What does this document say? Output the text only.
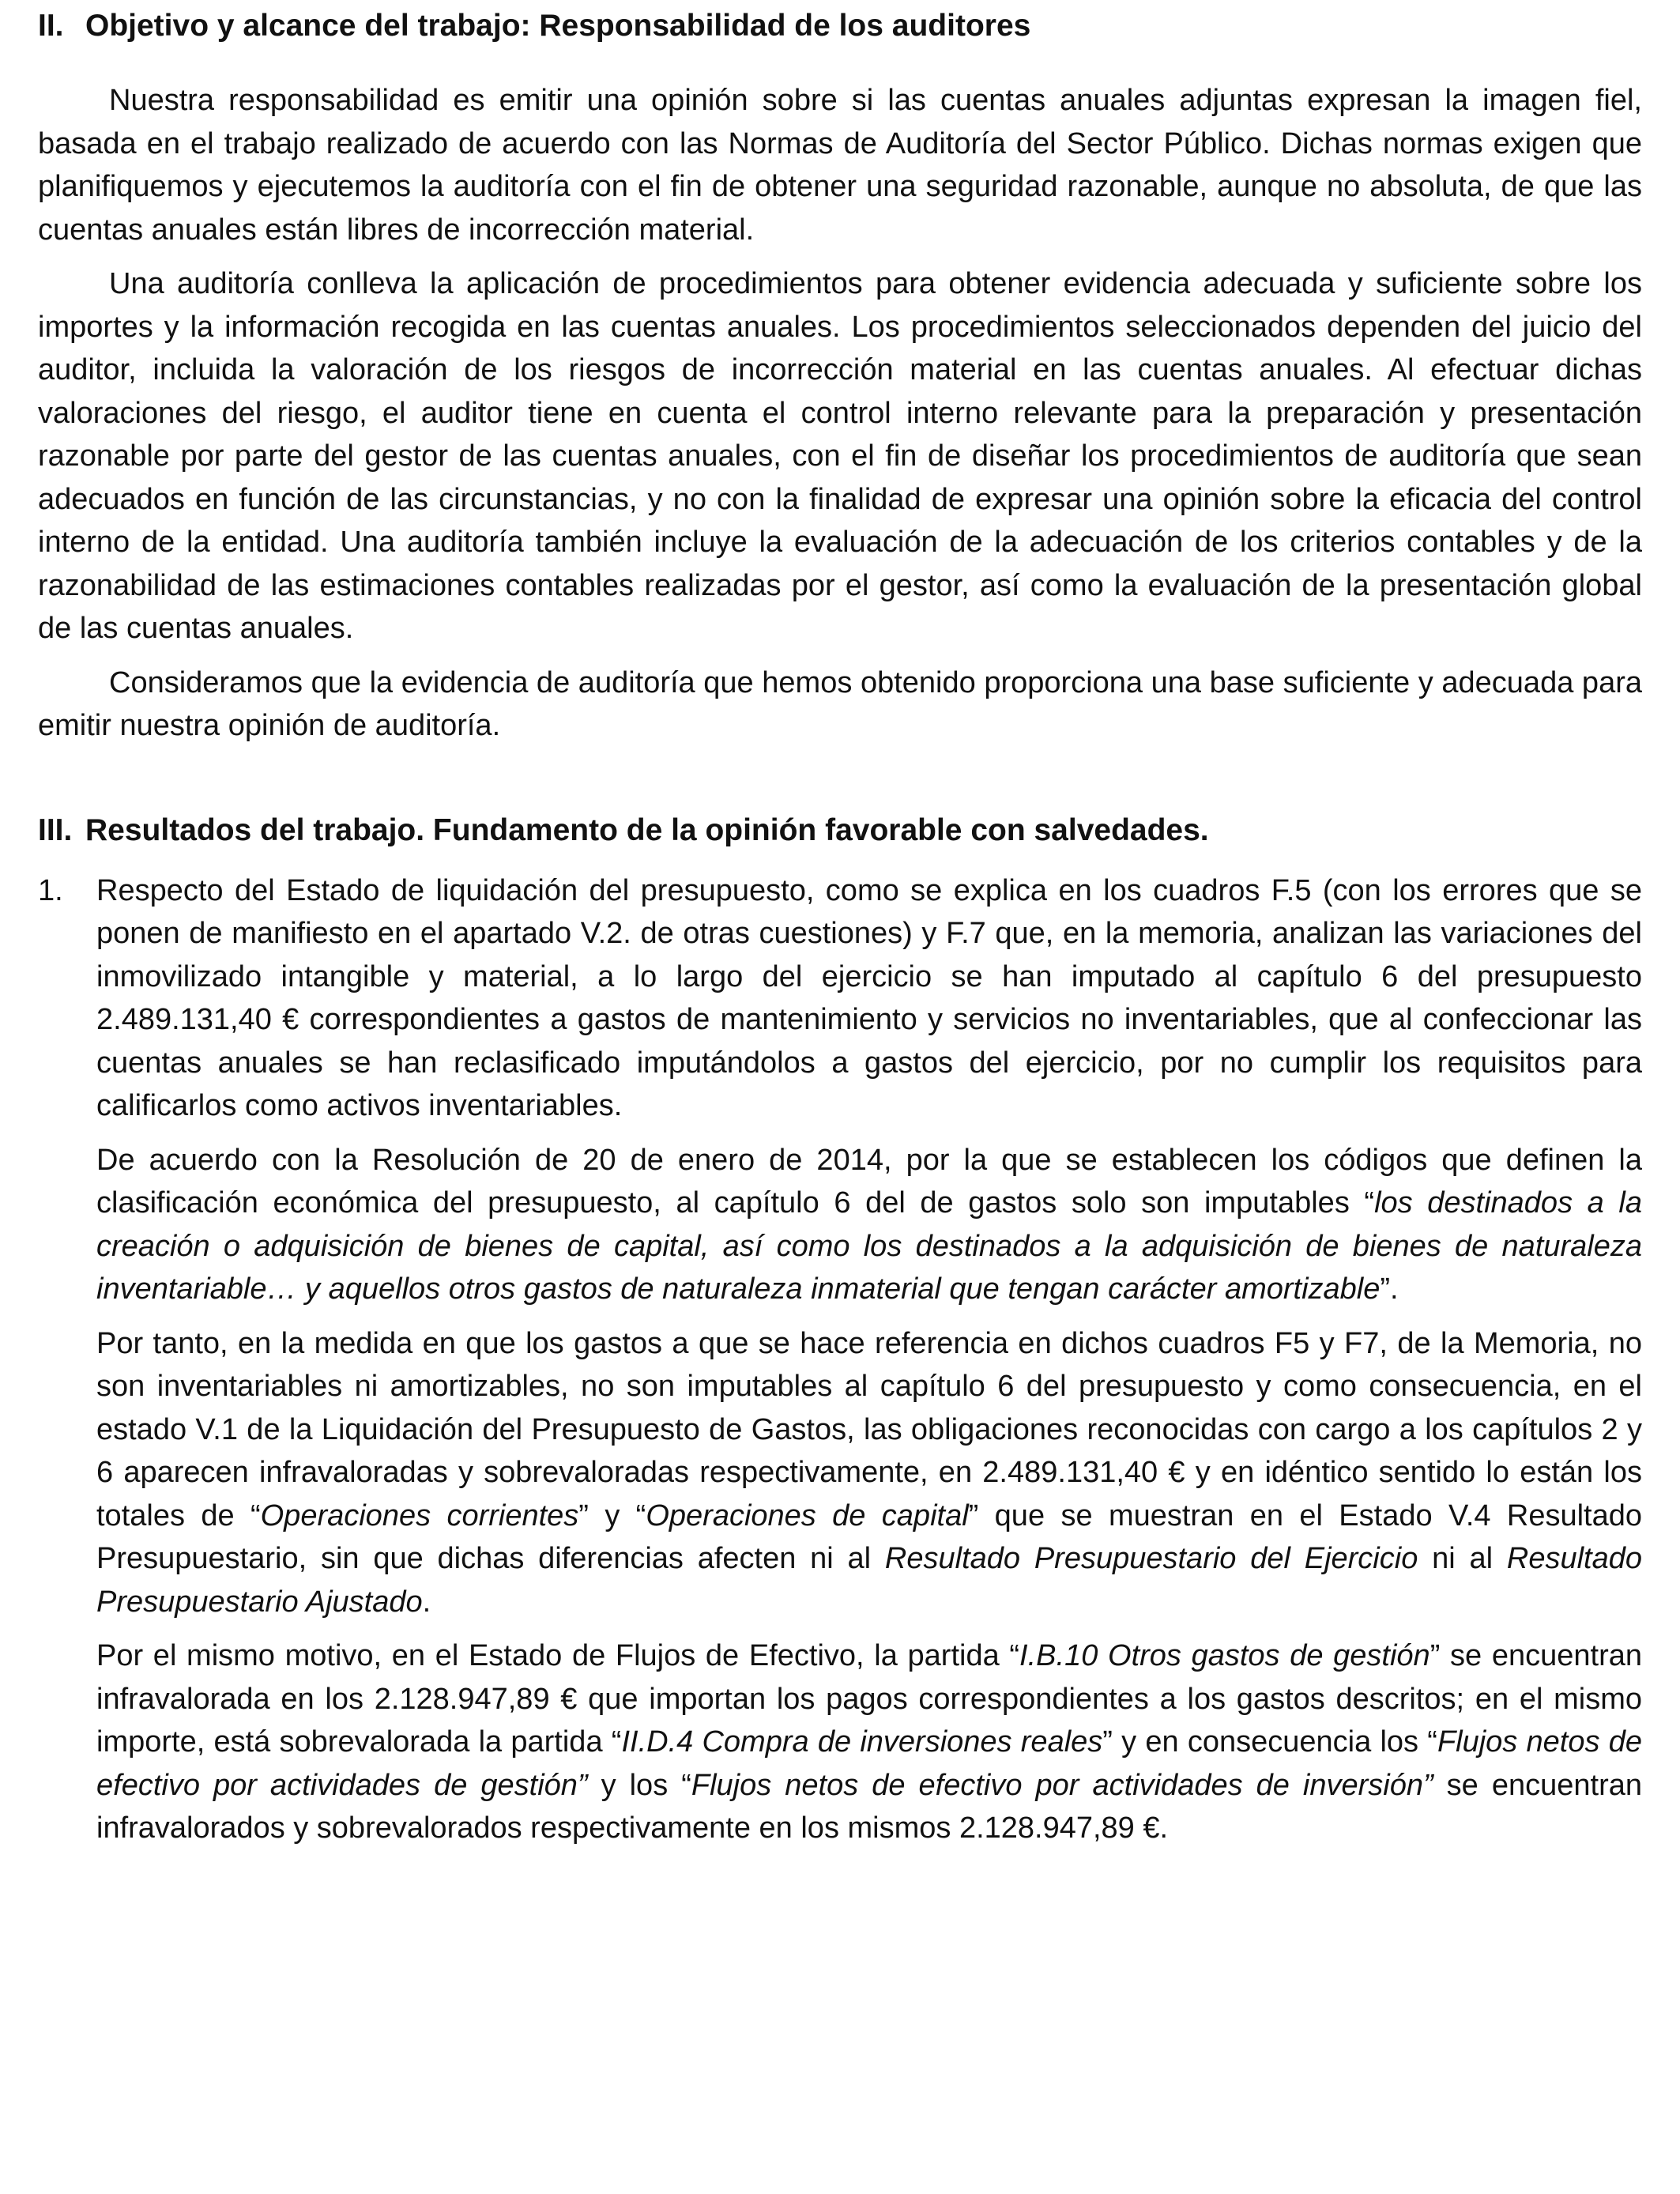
II. Objetivo y alcance del trabajo: Responsabilidad de los auditores

Nuestra responsabilidad es emitir una opinión sobre si las cuentas anuales adjuntas expresan la imagen fiel, basada en el trabajo realizado de acuerdo con las Normas de Auditoría del Sector Público. Dichas normas exigen que planifiquemos y ejecutemos la auditoría con el fin de obtener una seguridad razonable, aunque no absoluta, de que las cuentas anuales están libres de incorrección material.

Una auditoría conlleva la aplicación de procedimientos para obtener evidencia adecuada y suficiente sobre los importes y la información recogida en las cuentas anuales. Los procedimientos seleccionados dependen del juicio del auditor, incluida la valoración de los riesgos de incorrección material en las cuentas anuales. Al efectuar dichas valoraciones del riesgo, el auditor tiene en cuenta el control interno relevante para la preparación y presentación razonable por parte del gestor de las cuentas anuales, con el fin de diseñar los procedimientos de auditoría que sean adecuados en función de las circunstancias, y no con la finalidad de expresar una opinión sobre la eficacia del control interno de la entidad. Una auditoría también incluye la evaluación de la adecuación de los criterios contables y de la razonabilidad de las estimaciones contables realizadas por el gestor, así como la evaluación de la presentación global de las cuentas anuales.

Consideramos que la evidencia de auditoría que hemos obtenido proporciona una base suficiente y adecuada para emitir nuestra opinión de auditoría.

III. Resultados del trabajo. Fundamento de la opinión favorable con salvedades.
1. Respecto del Estado de liquidación del presupuesto, como se explica en los cuadros F.5 (con los errores que se ponen de manifiesto en el apartado V.2. de otras cuestiones) y F.7 que, en la memoria, analizan las variaciones del inmovilizado intangible y material, a lo largo del ejercicio se han imputado al capítulo 6 del presupuesto 2.489.131,40 € correspondientes a gastos de mantenimiento y servicios no inventariables, que al confeccionar las cuentas anuales se han reclasificado imputándolos a gastos del ejercicio, por no cumplir los requisitos para calificarlos como activos inventariables.

De acuerdo con la Resolución de 20 de enero de 2014, por la que se establecen los códigos que definen la clasificación económica del presupuesto, al capítulo 6 del de gastos solo son imputables “los destinados a la creación o adquisición de bienes de capital, así como los destinados a la adquisición de bienes de naturaleza inventariable… y aquellos otros gastos de naturaleza inmaterial que tengan carácter amortizable”.

Por tanto, en la medida en que los gastos a que se hace referencia en dichos cuadros F5 y F7, de la Memoria, no son inventariables ni amortizables, no son imputables al capítulo 6 del presupuesto y como consecuencia, en el estado V.1 de la Liquidación del Presupuesto de Gastos, las obligaciones reconocidas con cargo a los capítulos 2 y 6 aparecen infravaloradas y sobrevaloradas respectivamente, en 2.489.131,40 € y en idéntico sentido lo están los totales de “Operaciones corrientes” y “Operaciones de capital” que se muestran en el Estado V.4 Resultado Presupuestario, sin que dichas diferencias afecten ni al Resultado Presupuestario del Ejercicio ni al Resultado Presupuestario Ajustado.

Por el mismo motivo, en el Estado de Flujos de Efectivo, la partida “I.B.10 Otros gastos de gestión” se encuentran infravalorada en los 2.128.947,89 € que importan los pagos correspondientes a los gastos descritos; en el mismo importe, está sobrevalorada la partida “II.D.4 Compra de inversiones reales” y en consecuencia los “Flujos netos de efectivo por actividades de gestión” y los “Flujos netos de efectivo por actividades de inversión” se encuentran infravalorados y sobrevalorados respectivamente en los mismos 2.128.947,89 €.
